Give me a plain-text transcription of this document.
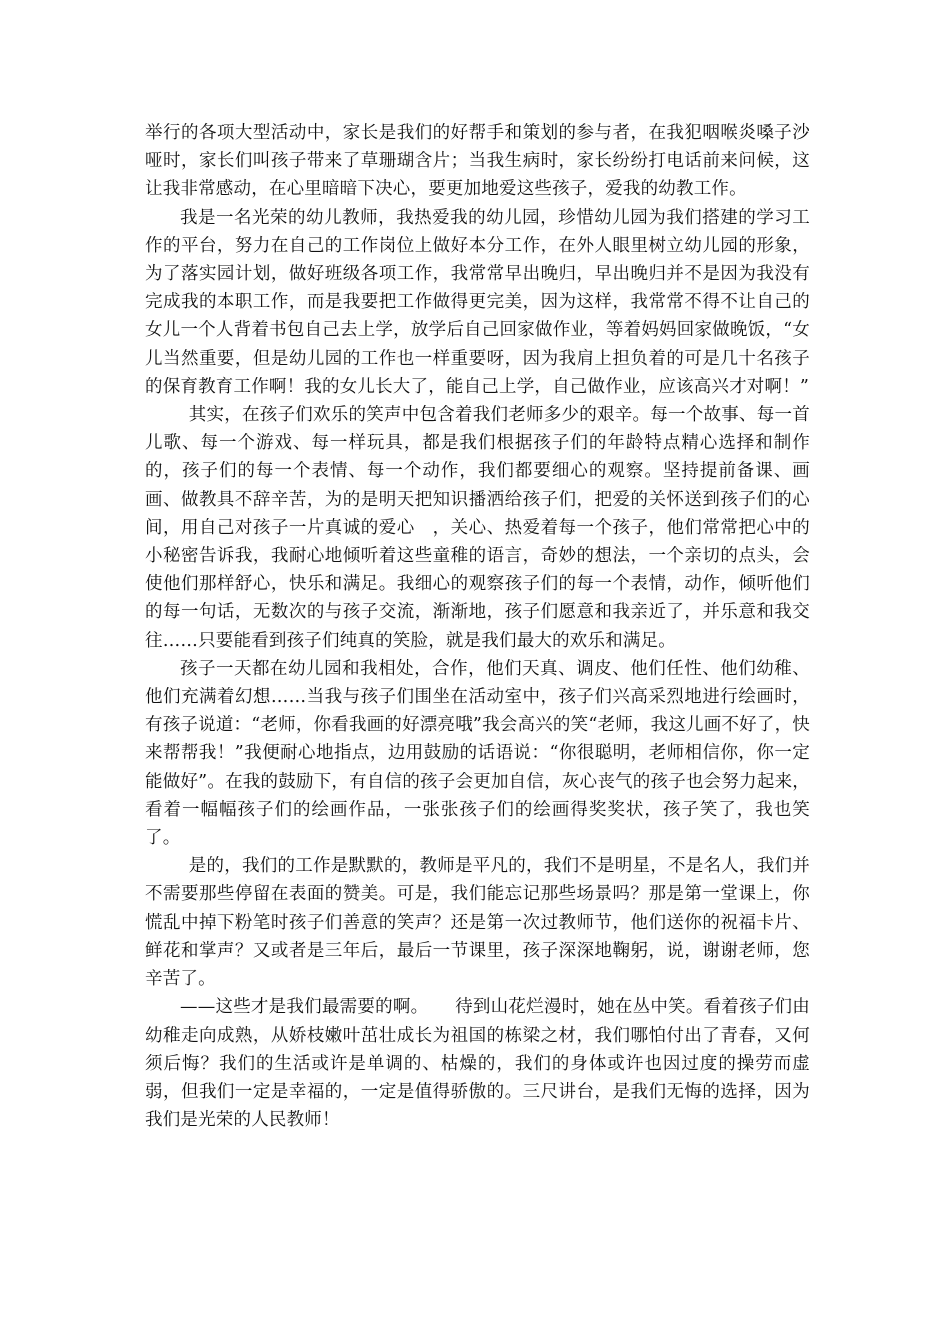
举行的各项大型活动中，家长是我们的好帮手和策划的参与者，在我犯咽喉炎嗓子沙哑时，家长们叫孩子带来了草珊瑚含片；当我生病时，家长纷纷打电话前来问候，这让我非常感动，在心里暗暗下决心，要更加地爱这些孩子，爱我的幼教工作。

我是一名光荣的幼儿教师，我热爱我的幼儿园，珍惜幼儿园为我们搭建的学习工作的平台，努力在自己的工作岗位上做好本分工作，在外人眼里树立幼儿园的形象，为了落实园计划，做好班级各项工作，我常常早出晚归，早出晚归并不是因为我没有完成我的本职工作，而是我要把工作做得更完美，因为这样，我常常不得不让自己的女儿一个人背着书包自己去上学，放学后自己回家做作业，等着妈妈回家做晚饭，“女儿当然重要，但是幼儿园的工作也一样重要呀，因为我肩上担负着的可是几十名孩子的保育教育工作啊！我的女儿长大了，能自己上学，自己做作业，应该高兴才对啊！”

其实，在孩子们欢乐的笑声中包含着我们老师多少的艰辛。每一个故事、每一首儿歌、每一个游戏、每一样玩具，都是我们根据孩子们的年龄特点精心选择和制作的，孩子们的每一个表情、每一个动作，我们都要细心的观察。坚持提前备课、画画、做教具不辞辛苦，为的是明天把知识播洒给孩子们，把爱的关怀送到孩子们的心间，用自己对孩子一片真诚的爱心　，关心、热爱着每一个孩子，他们常常把心中的小秘密告诉我，我耐心地倾听着这些童稚的语言，奇妙的想法，一个亲切的点头，会使他们那样舒心，快乐和满足。我细心的观察孩子们的每一个表情，动作，倾听他们的每一句话，无数次的与孩子交流，渐渐地，孩子们愿意和我亲近了，并乐意和我交往……只要能看到孩子们纯真的笑脸，就是我们最大的欢乐和满足。

孩子一天都在幼儿园和我相处，合作，他们天真、调皮、他们任性、他们幼稚、他们充满着幻想……当我与孩子们围坐在活动室中，孩子们兴高采烈地进行绘画时，有孩子说道：“老师，你看我画的好漂亮哦”我会高兴的笑“老师，我这儿画不好了，快来帮帮我！”我便耐心地指点，边用鼓励的话语说：“你很聪明，老师相信你，你一定能做好”。在我的鼓励下，有自信的孩子会更加自信，灰心丧气的孩子也会努力起来，看着一幅幅孩子们的绘画作品，一张张孩子们的绘画得奖奖状，孩子笑了，我也笑了。

是的，我们的工作是默默的，教师是平凡的，我们不是明星，不是名人，我们并不需要那些停留在表面的赞美。可是，我们能忘记那些场景吗？那是第一堂课上，你慌乱中掉下粉笔时孩子们善意的笑声？还是第一次过教师节，他们送你的祝福卡片、鲜花和掌声？又或者是三年后，最后一节课里，孩子深深地鞠躬，说，谢谢老师，您辛苦了。

——这些才是我们最需要的啊。　　待到山花烂漫时，她在丛中笑。看着孩子们由幼稚走向成熟，从娇枝嫩叶茁壮成长为祖国的栋梁之材，我们哪怕付出了青春，又何须后悔？我们的生活或许是单调的、枯燥的，我们的身体或许也因过度的操劳而虚弱，但我们一定是幸福的，一定是值得骄傲的。三尺讲台，是我们无悔的选择，因为我们是光荣的人民教师！
